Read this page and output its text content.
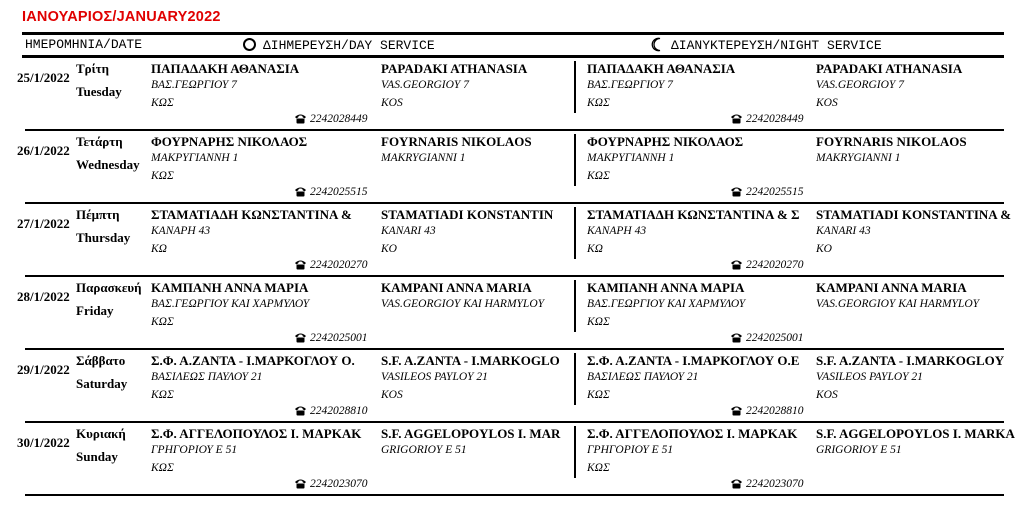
ΙΑΝΟΥΑΡΙΟΣ/JANUARY2022
ΗΜΕΡΟΜΗΝΙΑ/DATE	ΔΙΗΜΕΡΕΥΣΗ/DAY SERVICE	ΔΙΑΝΥΚΤΕΡΕΥΣΗ/NIGHT SERVICE
25/1/2022
Τρίτη
Tuesday
ΠΑΠΑΔΑΚΗ ΑΘΑΝΑΣΙΑ
ΒΑΣ.ΓΕΩΡΓΙΟΥ 7
ΚΩΣ
2242028449
PAPADAKI ATHANASIA
VAS.GEORGIOY 7
KOS
ΠΑΠΑΔΑΚΗ ΑΘΑΝΑΣΙΑ
ΒΑΣ.ΓΕΩΡΓΙΟΥ 7
ΚΩΣ
2242028449
PAPADAKI ATHANASIA
VAS.GEORGIOY 7
KOS
26/1/2022
Τετάρτη
Wednesday
ΦΟΥΡΝΑΡΗΣ ΝΙΚΟΛΑΟΣ
ΜΑΚΡΥΓΙΑΝΝΗ 1
ΚΩΣ
2242025515
FOYRNARIS NIKOLAOS
MAKRYGIANNI 1
ΦΟΥΡΝΑΡΗΣ ΝΙΚΟΛΑΟΣ
ΜΑΚΡΥΓΙΑΝΝΗ 1
ΚΩΣ
2242025515
FOYRNARIS NIKOLAOS
MAKRYGIANNI 1
27/1/2022
Πέμπτη
Thursday
ΣΤΑΜΑΤΙΑΔΗ ΚΩΝΣΤΑΝΤΙΝΑ &
ΚΑΝΑΡΗ 43
ΚΩ
2242020270
STAMATIADI KONSTANTIN
KANARI 43
KO
ΣΤΑΜΑΤΙΑΔΗ ΚΩΝΣΤΑΝΤΙΝΑ & Σ
ΚΑΝΑΡΗ 43
ΚΩ
2242020270
STAMATIADI KONSTANTINA &
KANARI 43
KO
28/1/2022
Παρασκευή
Friday
ΚΑΜΠΑΝΗ ΑΝΝΑ ΜΑΡΙΑ
ΒΑΣ.ΓΕΩΡΓΙΟΥ ΚΑΙ ΧΑΡΜΥΛΟΥ
ΚΩΣ
2242025001
KAMPANI ANNA MARIA
VAS.GEORGIOY KAI HARMYLOY
ΚΑΜΠΑΝΗ ΑΝΝΑ ΜΑΡΙΑ
ΒΑΣ.ΓΕΩΡΓΙΟΥ ΚΑΙ ΧΑΡΜΥΛΟΥ
ΚΩΣ
2242025001
KAMPANI ANNA MARIA
VAS.GEORGIOY KAI HARMYLOY
29/1/2022
Σάββατο
Saturday
Σ.Φ. Α.ΖΑΝΤΑ - Ι.ΜΑΡΚΟΓΛΟΥ Ο.
ΒΑΣΙΛΕΩΣ ΠΑΥΛΟΥ 21
ΚΩΣ
2242028810
S.F. A.ZANTA - I.MARKOGLO
VASILEOS PAYLOY 21
KOS
Σ.Φ. Α.ΖΑΝΤΑ - Ι.ΜΑΡΚΟΓΛΟΥ Ο.Ε
ΒΑΣΙΛΕΩΣ ΠΑΥΛΟΥ 21
ΚΩΣ
2242028810
S.F. A.ZANTA - I.MARKOGLOY
VASILEOS PAYLOY 21
KOS
30/1/2022
Κυριακή
Sunday
Σ.Φ. ΑΓΓΕΛΟΠΟΥΛΟΣ Ι. ΜΑΡΚΑΚ
ΓΡΗΓΟΡΙΟΥ Ε 51
ΚΩΣ
2242023070
S.F. AGGELOPOYLOS I. MAR
GRIGORIOY E 51
Σ.Φ. ΑΓΓΕΛΟΠΟΥΛΟΣ Ι. ΜΑΡΚΑΚ
ΓΡΗΓΟΡΙΟΥ Ε 51
ΚΩΣ
2242023070
S.F. AGGELOPOYLOS I. MARKA
GRIGORIOY E 51
